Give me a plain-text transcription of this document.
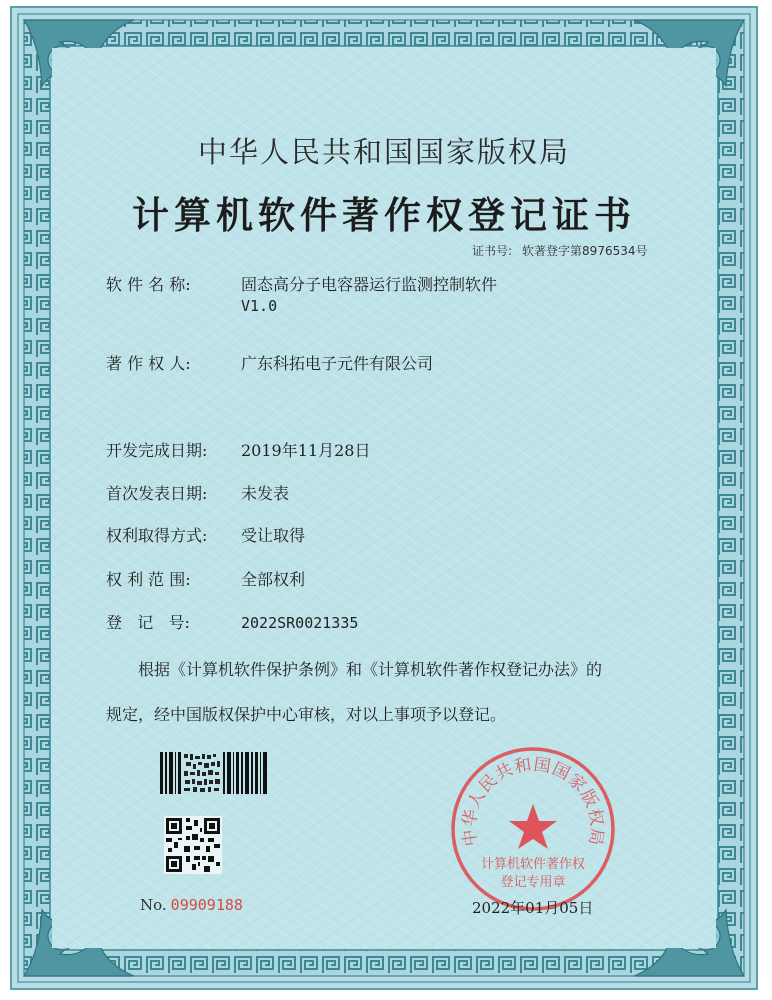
中华人民共和国国家版权局
计算机软件著作权登记证书
证书号: 软著登字第8976534号
软 件 名 称:	固态高分子电容器运行监测控制软件
V1.0
著 作 权 人:	广东科拓电子元件有限公司
开发完成日期: 2019年11月28日
首次发表日期: 未发表
权利取得方式: 受让取得
权 利 范 围:	全部权利
登   记   号:	2022SR0021335
根据《计算机软件保护条例》和《计算机软件著作权登记办法》的
规定，经中国版权保护中心审核，对以上事项予以登记。
No. 09909188
中华人民共和国国家版权局
计算机软件著作权
登记专用章
2022年01月05日
